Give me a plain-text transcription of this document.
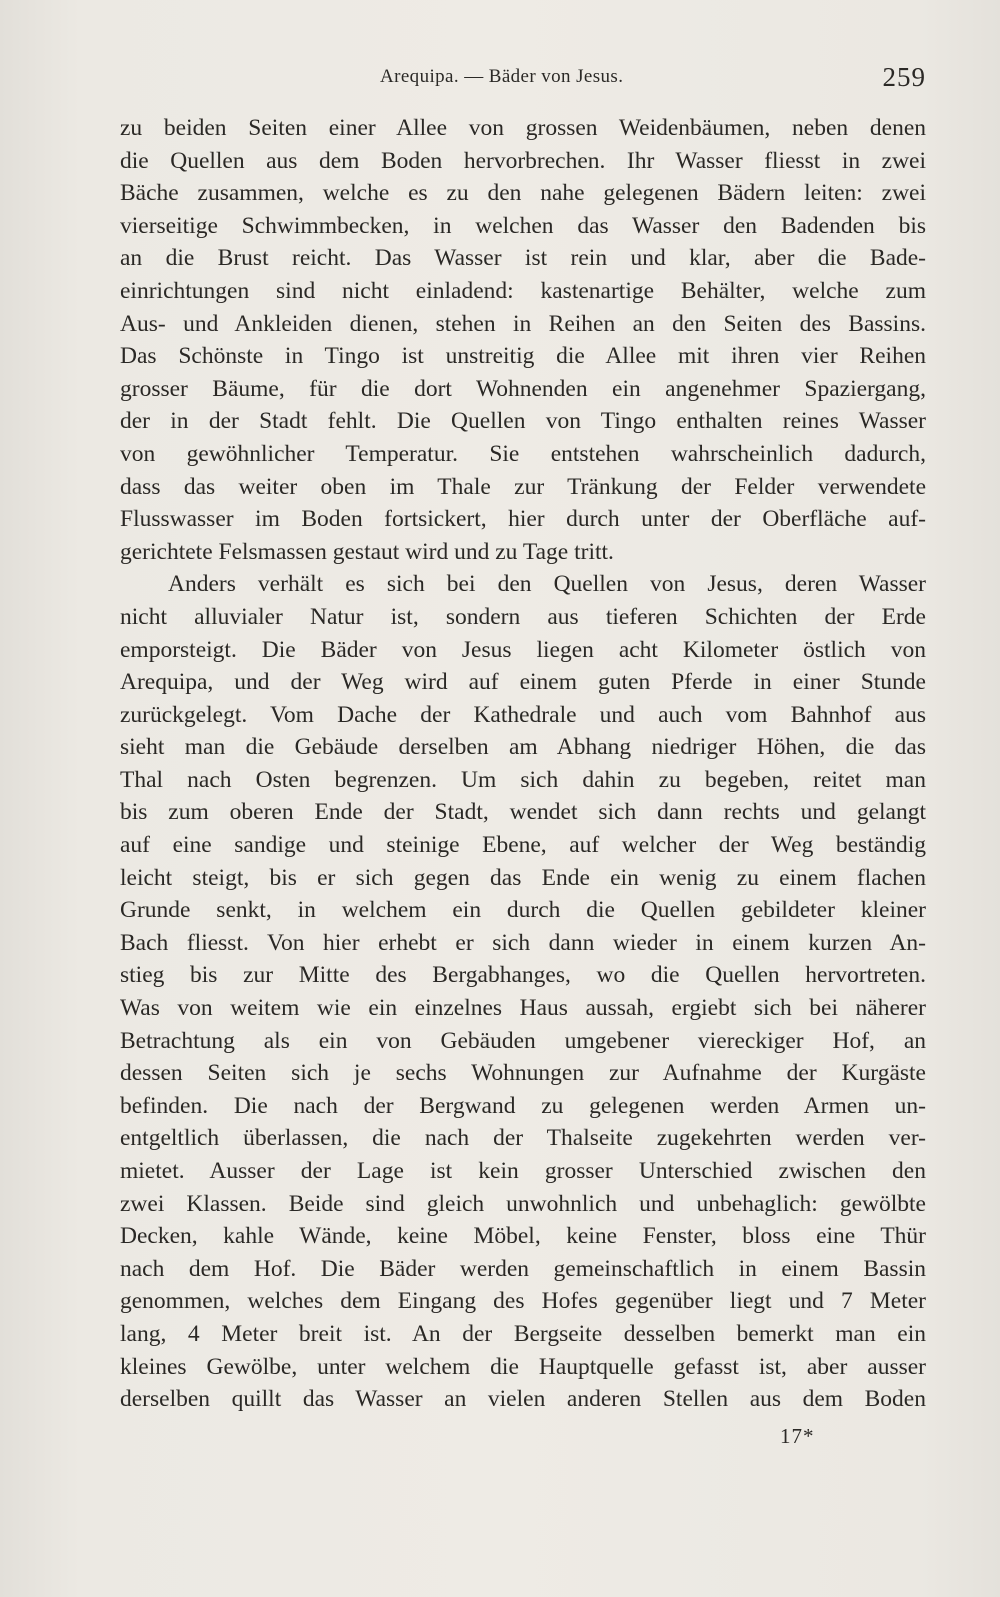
Arequipa. — Bäder von Jesus.	259
zu beiden Seiten einer Allee von grossen Weidenbäumen, neben denen
die Quellen aus dem Boden hervorbrechen. Ihr Wasser fliesst in zwei
Bäche zusammen, welche es zu den nahe gelegenen Bädern leiten: zwei
vierseitige Schwimmbecken, in welchen das Wasser den Badenden bis
an die Brust reicht. Das Wasser ist rein und klar, aber die Bade-
einrichtungen sind nicht einladend: kastenartige Behälter, welche zum
Aus- und Ankleiden dienen, stehen in Reihen an den Seiten des Bassins.
Das Schönste in Tingo ist unstreitig die Allee mit ihren vier Reihen
grosser Bäume, für die dort Wohnenden ein angenehmer Spaziergang,
der in der Stadt fehlt. Die Quellen von Tingo enthalten reines Wasser
von gewöhnlicher Temperatur. Sie entstehen wahrscheinlich dadurch,
dass das weiter oben im Thale zur Tränkung der Felder verwendete
Flusswasser im Boden fortsickert, hier durch unter der Oberfläche auf-
gerichtete Felsmassen gestaut wird und zu Tage tritt.
Anders verhält es sich bei den Quellen von Jesus, deren Wasser
nicht alluvialer Natur ist, sondern aus tieferen Schichten der Erde
emporsteigt. Die Bäder von Jesus liegen acht Kilometer östlich von
Arequipa, und der Weg wird auf einem guten Pferde in einer Stunde
zurückgelegt. Vom Dache der Kathedrale und auch vom Bahnhof aus
sieht man die Gebäude derselben am Abhang niedriger Höhen, die das
Thal nach Osten begrenzen. Um sich dahin zu begeben, reitet man
bis zum oberen Ende der Stadt, wendet sich dann rechts und gelangt
auf eine sandige und steinige Ebene, auf welcher der Weg beständig
leicht steigt, bis er sich gegen das Ende ein wenig zu einem flachen
Grunde senkt, in welchem ein durch die Quellen gebildeter kleiner
Bach fliesst. Von hier erhebt er sich dann wieder in einem kurzen An-
stieg bis zur Mitte des Bergabhanges, wo die Quellen hervortreten.
Was von weitem wie ein einzelnes Haus aussah, ergiebt sich bei näherer
Betrachtung als ein von Gebäuden umgebener viereckiger Hof, an
dessen Seiten sich je sechs Wohnungen zur Aufnahme der Kurgäste
befinden. Die nach der Bergwand zu gelegenen werden Armen un-
entgeltlich überlassen, die nach der Thalseite zugekehrten werden ver-
mietet. Ausser der Lage ist kein grosser Unterschied zwischen den
zwei Klassen. Beide sind gleich unwohnlich und unbehaglich: gewölbte
Decken, kahle Wände, keine Möbel, keine Fenster, bloss eine Thür
nach dem Hof. Die Bäder werden gemeinschaftlich in einem Bassin
genommen, welches dem Eingang des Hofes gegenüber liegt und 7 Meter
lang, 4 Meter breit ist. An der Bergseite desselben bemerkt man ein
kleines Gewölbe, unter welchem die Hauptquelle gefasst ist, aber ausser
derselben quillt das Wasser an vielen anderen Stellen aus dem Boden
17*
